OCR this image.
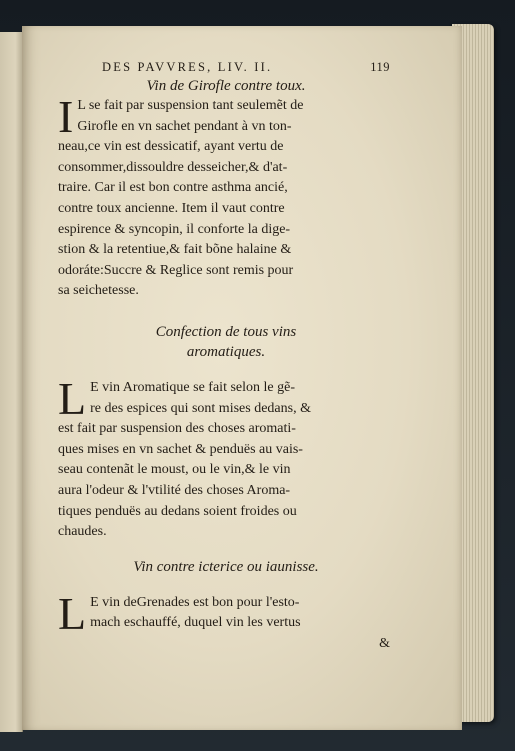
DES PAVVRES, LIV. II.	119

Vin de Girofle contre toux.

I L se fait par suspension tant seulemẽt de
Girofle en vn sachet pendant à vn ton-
neau,ce vin est dessicatif, ayant vertu de
consommer,dissouldre desseicher,& d'at-
traire. Car il est bon contre asthma ancié,
contre toux ancienne. Item il vaut contre
espirence & syncopin, il conforte la dige-
stion & la retentiue,& fait bõne halaine &
odoráte:Succre & Reglice sont remis pour
sa seichetesse.

Confection de tous vins

aromatiques.

L E vin Aromatique se fait selon le gẽ-
re des espices qui sont mises dedans, &
est fait par suspension des choses aromati-
ques mises en vn sachet & penduës au vais-
seau contenãt le moust, ou le vin,& le vin
aura l'odeur & l'vtilité des choses Aroma-
tiques penduës au dedans soient froides ou
chaudes.

Vin contre icterice ou iaunisse.

L E vin deGrenades est bon pour l'esto-
mach eschauffé, duquel vin les vertus
&
